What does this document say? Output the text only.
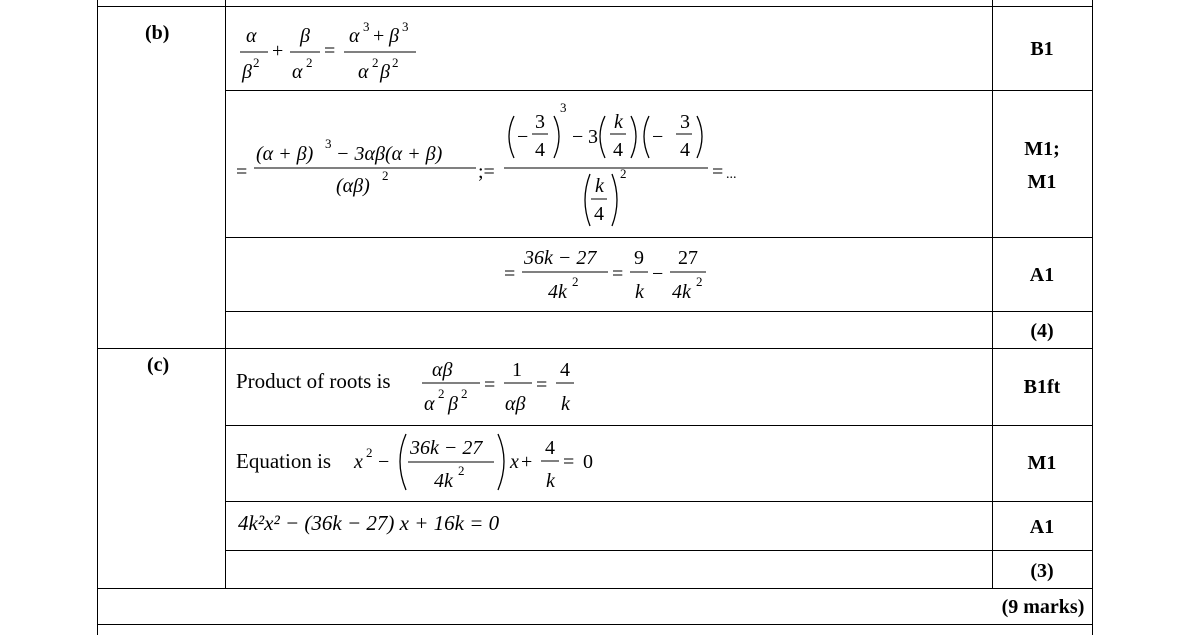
(b)
(c)
B1
M1;
M1
A1
(4)
B1ft
M1
A1
(3)
(9 marks)
α
β 2
+
β
α 2
=
α 3 + β 3
α 2 β 2
=
(α + β) 3 − 3αβ(α + β)
(αβ) 2	;=
−
3
4
3
− 3
k
4
−
3
4
k
4
2	= ...
=
36k − 27
4k 2 =
9
k
−
27
4k 2
Product of roots is αβ
α 2 β 2 =
1
αβ
=
4
k
Equation is x 2 −
36k − 27
4k 2 x +
4
k
= 0
4k²x² − (36k − 27) x + 16k = 0
